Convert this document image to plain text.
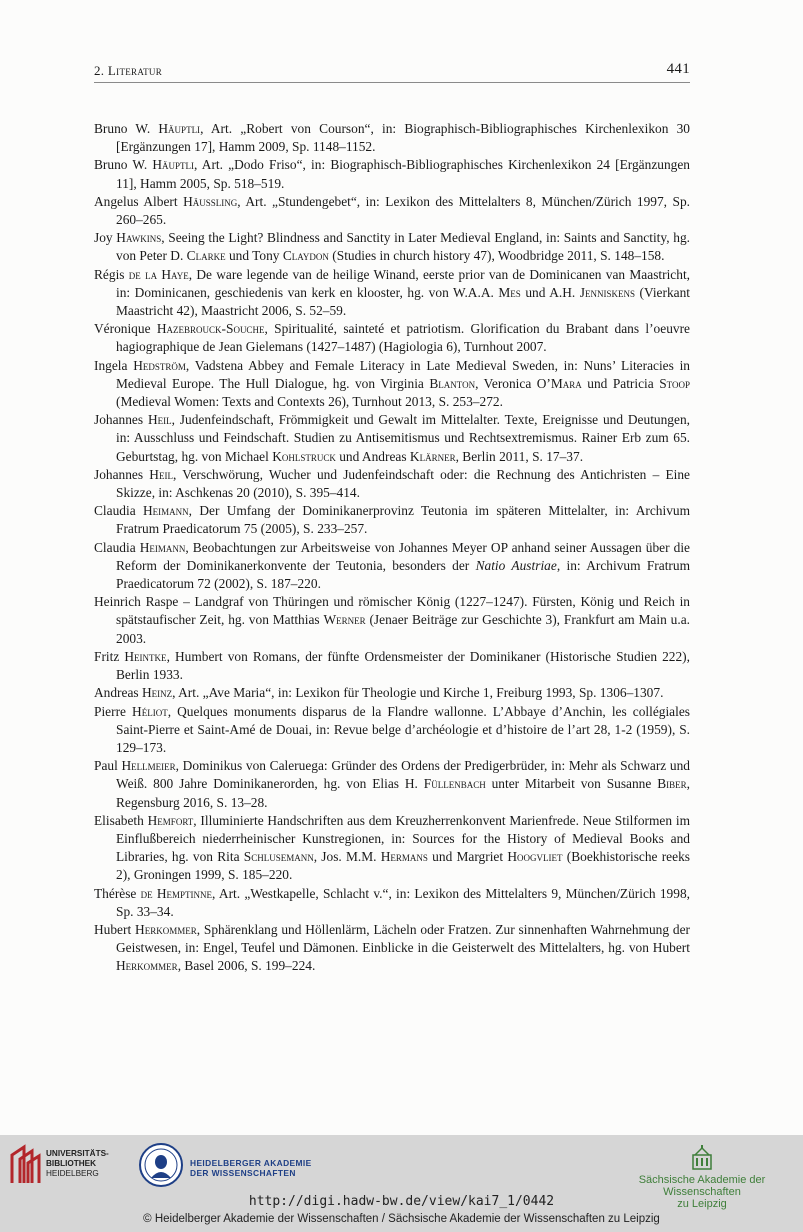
2. Literatur	441
Bruno W. Häuptli, Art. „Robert von Courson“, in: Biographisch-Bibliographisches Kirchenlexikon 30 [Ergänzungen 17], Hamm 2009, Sp. 1148–1152.
Bruno W. Häuptli, Art. „Dodo Friso“, in: Biographisch-Bibliographisches Kirchenlexikon 24 [Ergänzungen 11], Hamm 2005, Sp. 518–519.
Angelus Albert Häussling, Art. „Stundengebet“, in: Lexikon des Mittelalters 8, München/Zürich 1997, Sp. 260–265.
Joy Hawkins, Seeing the Light? Blindness and Sanctity in Later Medieval England, in: Saints and Sanctity, hg. von Peter D. Clarke und Tony Claydon (Studies in church history 47), Woodbridge 2011, S. 148–158.
Régis de la Haye, De ware legende van de heilige Winand, eerste prior van de Dominicanen van Maastricht, in: Dominicanen, geschiedenis van kerk en klooster, hg. von W.A.A. Mes und A.H. Jenniskens (Vierkant Maastricht 42), Maastricht 2006, S. 52–59.
Véronique Hazebrouck-Souche, Spiritualité, sainteté et patriotism. Glorification du Brabant dans l’oeuvre hagiographique de Jean Gielemans (1427–1487) (Hagiologia 6), Turnhout 2007.
Ingela Hedström, Vadstena Abbey and Female Literacy in Late Medieval Sweden, in: Nuns’ Literacies in Medieval Europe. The Hull Dialogue, hg. von Virginia Blanton, Veronica O’Mara und Patricia Stoop (Medieval Women: Texts and Contexts 26), Turnhout 2013, S. 253–272.
Johannes Heil, Judenfeindschaft, Frömmigkeit und Gewalt im Mittelalter. Texte, Ereignisse und Deutungen, in: Ausschluss und Feindschaft. Studien zu Antisemitismus und Rechtsextremismus. Rainer Erb zum 65. Geburtstag, hg. von Michael Kohlstruck und Andreas Klärner, Berlin 2011, S. 17–37.
Johannes Heil, Verschwörung, Wucher und Judenfeindschaft oder: die Rechnung des Antichristen – Eine Skizze, in: Aschkenas 20 (2010), S. 395–414.
Claudia Heimann, Der Umfang der Dominikanerprovinz Teutonia im späteren Mittelalter, in: Archivum Fratrum Praedicatorum 75 (2005), S. 233–257.
Claudia Heimann, Beobachtungen zur Arbeitsweise von Johannes Meyer OP anhand seiner Aussagen über die Reform der Dominikanerkonvente der Teutonia, besonders der Natio Austriae, in: Archivum Fratrum Praedicatorum 72 (2002), S. 187–220.
Heinrich Raspe – Landgraf von Thüringen und römischer König (1227–1247). Fürsten, König und Reich in spätstaufischer Zeit, hg. von Matthias Werner (Jenaer Beiträge zur Geschichte 3), Frankfurt am Main u.a. 2003.
Fritz Heintke, Humbert von Romans, der fünfte Ordensmeister der Dominikaner (Historische Studien 222), Berlin 1933.
Andreas Heinz, Art. „Ave Maria“, in: Lexikon für Theologie und Kirche 1, Freiburg 1993, Sp. 1306–1307.
Pierre Héliot, Quelques monuments disparus de la Flandre wallonne. L’Abbaye d’Anchin, les collégiales Saint-Pierre et Saint-Amé de Douai, in: Revue belge d’archéologie et d’histoire de l’art 28, 1-2 (1959), S. 129–173.
Paul Hellmeier, Dominikus von Caleruega: Gründer des Ordens der Predigerbrüder, in: Mehr als Schwarz und Weiß. 800 Jahre Dominikanerorden, hg. von Elias H. Füllenbach unter Mitarbeit von Susanne Biber, Regensburg 2016, S. 13–28.
Elisabeth Hemfort, Illuminierte Handschriften aus dem Kreuzherrenkonvent Marienfrede. Neue Stilformen im Einflußbereich niederrheinischer Kunstregionen, in: Sources for the History of Medieval Books and Libraries, hg. von Rita Schlusemann, Jos. M.M. Hermans und Margriet Hoogvliet (Boekhistorische reeks 2), Groningen 1999, S. 185–220.
Thérèse de Hemptinne, Art. „Westkapelle, Schlacht v.“, in: Lexikon des Mittelalters 9, München/Zürich 1998, Sp. 33–34.
Hubert Herkommer, Sphärenklang und Höllenlärm, Lächeln oder Fratzen. Zur sinnenhaften Wahrnehmung der Geistwesen, in: Engel, Teufel und Dämonen. Einblicke in die Geisterwelt des Mittelalters, hg. von Hubert Herkommer, Basel 2006, S. 199–224.
UNIVERSITÄTS-
BIBLIOTHEK
HEIDELBERG
HEIDELBERGER AKADEMIE
DER WISSENSCHAFTEN
Sächsische Akademie der Wissenschaften
zu Leipzig
http://digi.hadw-bw.de/view/kai7_1/0442
© Heidelberger Akademie der Wissenschaften / Sächsische Akademie der Wissenschaften zu Leipzig
